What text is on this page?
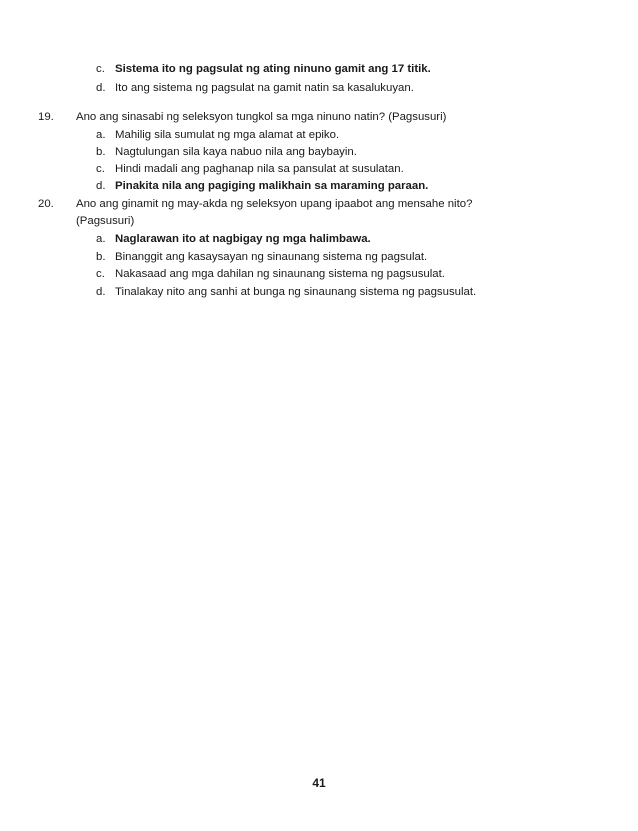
c. Sistema ito ng pagsulat ng ating ninuno gamit ang 17 titik.
d. Ito ang sistema ng pagsulat na gamit natin sa kasalukuyan.
19. Ano ang sinasabi ng seleksyon tungkol sa mga ninuno natin? (Pagsusuri)
a. Mahilig sila sumulat ng mga alamat at epiko.
b. Nagtulungan sila kaya nabuo nila ang baybayin.
c. Hindi madali ang paghanap nila sa pansulat at susulatan.
d. Pinakita nila ang pagiging malikhain sa maraming paraan.
20. Ano ang ginamit ng may-akda ng seleksyon upang ipaabot ang mensahe nito?
(Pagsusuri)
a. Naglarawan ito at nagbigay ng mga halimbawa.
b. Binanggit ang kasaysayan ng sinaunang sistema ng pagsulat.
c. Nakasaad ang mga dahilan ng sinaunang sistema ng pagsusulat.
d. Tinalakay nito ang sanhi at bunga ng sinaunang sistema ng pagsusulat.
41
